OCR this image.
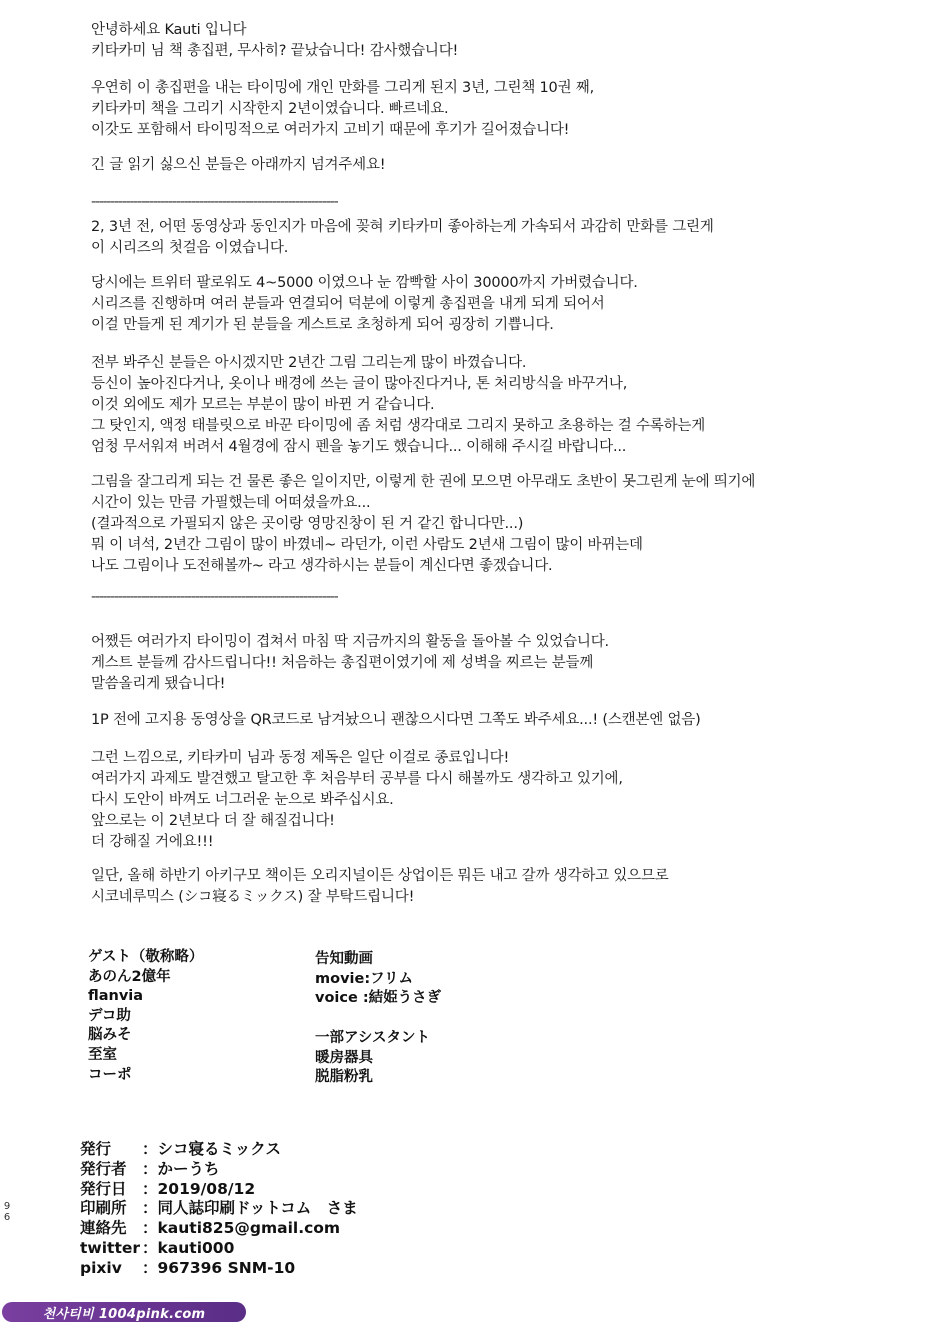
안녕하세요 Kauti 입니다
키타카미 님 책 총집편, 무사히? 끝났습니다! 감사했습니다!
우연히 이 총집편을 내는 타이밍에 개인 만화를 그리게 된지 3년, 그린책 10권 째,
키타카미 책을 그리기 시작한지 2년이였습니다. 빠르네요.
이갓도 포함해서 타이밍적으로 여러가지 고비기 때문에 후기가 길어졌습니다!
긴 글 읽기 싫으신 분들은 아래까지 넘겨주세요!
----------------------------------------------------------------
2, 3년 전, 어떤 동영상과 동인지가 마음에 꽂혀 키타카미 좋아하는게 가속되서 과감히 만화를 그린게
이 시리즈의 첫걸음 이였습니다.
당시에는 트위터 팔로워도 4~5000 이였으나 눈 깜빡할 사이 30000까지 가버렸습니다.
시리즈를 진행하며 여러 분들과 연결되어 덕분에 이렇게 총집편을 내게 되게 되어서
이걸 만들게 된 계기가 된 분들을 게스트로 초청하게 되어 굉장히 기쁩니다.
전부 봐주신 분들은 아시겠지만 2년간 그림 그리는게 많이 바꼈습니다.
등신이 높아진다거나, 옷이나 배경에 쓰는 글이 많아진다거나, 톤 처리방식을 바꾸거나,
이것 외에도 제가 모르는 부분이 많이 바뀐 거 같습니다.
그 탓인지, 액정 태블릿으로 바꾼 타이밍에 좀 처럼 생각대로 그리지 못하고 초용하는 걸 수록하는게
엄청 무서워져 버려서 4월경에 잠시 펜을 놓기도 했습니다... 이해해 주시길 바랍니다...
그림을 잘그리게 되는 건 물론 좋은 일이지만, 이렇게 한 권에 모으면 아무래도 초반이 못그린게 눈에 띄기에
시간이 있는 만큼 가필했는데 어떠셨을까요...
(결과적으로 가필되지 않은 곳이랑 영망진창이 된 거 같긴 합니다만...)
뭐 이 녀석, 2년간 그림이 많이 바꼈네~ 라던가, 이런 사람도 2년새 그림이 많이 바뀌는데
나도 그림이나 도전해볼까~ 라고 생각하시는 분들이 계신다면 좋겠습니다.
----------------------------------------------------------------
어쨌든 여러가지 타이밍이 겹쳐서 마침 딱 지금까지의 활동을 돌아볼 수 있었습니다.
게스트 분들께 감사드립니다!! 처음하는 총집편이였기에 제 성벽을 찌르는 분들께
말씀올리게 됐습니다!
1P 전에 고지용 동영상을 QR코드로 남겨놨으니 괜찮으시다면 그쪽도 봐주세요...! (스캔본엔 없음)
그런 느낌으로, 키타카미 님과 동정 제독은 일단 이걸로 종료입니다!
여러가지 과제도 발견했고 탈고한 후 처음부터 공부를 다시 해볼까도 생각하고 있기에,
다시 도안이 바껴도 너그러운 눈으로 봐주십시요.
앞으로는 이 2년보다 더 잘 해질겁니다!
더 강해질 거에요!!!
일단, 올해 하반기 아키구모 책이든 오리지널이든 상업이든 뭐든 내고 갈까 생각하고 있으므로
시코네루믹스 (シコ寝るミックス) 잘 부탁드립니다!
ゲスト（敬称略）
あのん2億年
flanvia
デコ助
脳みそ
至室
コーポ
告知動画
movie:フリム
voice :結姫うさぎ
一部アシスタント
暖房器具
脱脂粉乳
発行	：シコ寝るミックス
発行者 ：かーうち
発行日 ：2019/08/12
印刷所 ：同人誌印刷ドットコム　さま
連絡先 ：kauti825@gmail.com
twitter ：kauti000
pixiv	：967396 SNM-10
9
6
천사티비 1004pink.com
